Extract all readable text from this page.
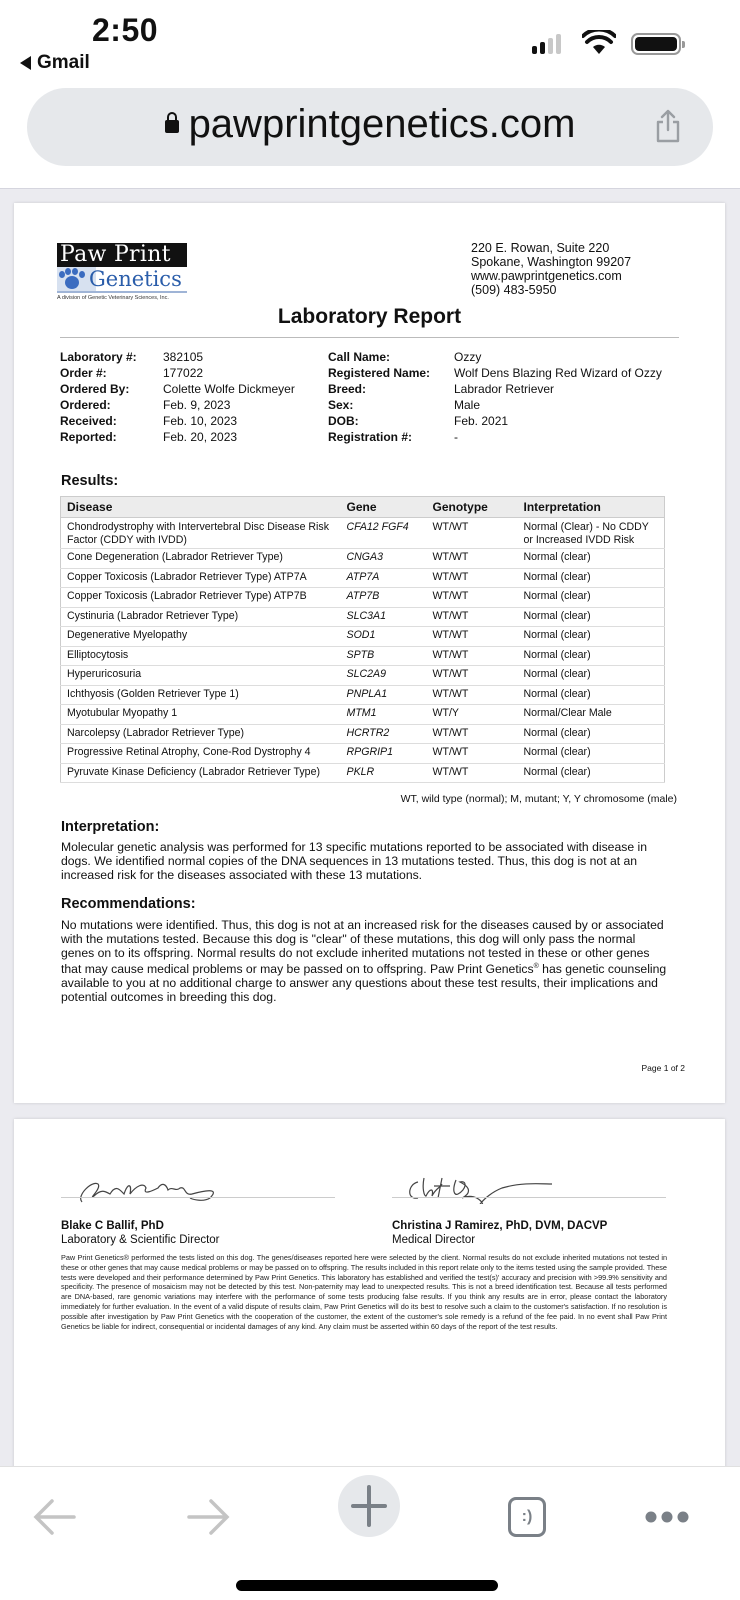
2:50
Gmail
pawprintgenetics.com
Paw Print
Genetics
A division of Genetic Veterinary Sciences, Inc.
220 E. Rowan, Suite 220
Spokane, Washington 99207
www.pawprintgenetics.com
(509) 483-5950
Laboratory Report
Laboratory #:	382105
Order #:	177022
Ordered By:	Colette Wolfe Dickmeyer
Ordered:	Feb. 9, 2023
Received:	Feb. 10, 2023
Reported:	Feb. 20, 2023
Call Name:	Ozzy
Registered Name:	Wolf Dens Blazing Red Wizard of Ozzy
Breed:	Labrador Retriever
Sex:	Male
DOB:	Feb. 2021
Registration #:	-
Results:
Disease	Gene	Genotype	Interpretation
Chondrodystrophy with Intervertebral Disc Disease Risk Factor (CDDY with IVDD)	CFA12 FGF4	WT/WT	Normal (Clear) - No CDDY or Increased IVDD Risk
Cone Degeneration (Labrador Retriever Type)	CNGA3	WT/WT	Normal (clear)
Copper Toxicosis (Labrador Retriever Type) ATP7A	ATP7A	WT/WT	Normal (clear)
Copper Toxicosis (Labrador Retriever Type) ATP7B	ATP7B	WT/WT	Normal (clear)
Cystinuria (Labrador Retriever Type)	SLC3A1	WT/WT	Normal (clear)
Degenerative Myelopathy	SOD1	WT/WT	Normal (clear)
Elliptocytosis	SPTB	WT/WT	Normal (clear)
Hyperuricosuria	SLC2A9	WT/WT	Normal (clear)
Ichthyosis (Golden Retriever Type 1)	PNPLA1	WT/WT	Normal (clear)
Myotubular Myopathy 1	MTM1	WT/Y	Normal/Clear Male
Narcolepsy (Labrador Retriever Type)	HCRTR2	WT/WT	Normal (clear)
Progressive Retinal Atrophy, Cone-Rod Dystrophy 4	RPGRIP1	WT/WT	Normal (clear)
Pyruvate Kinase Deficiency (Labrador Retriever Type)	PKLR	WT/WT	Normal (clear)
WT, wild type (normal); M, mutant; Y, Y chromosome (male)
Interpretation:
Molecular genetic analysis was performed for 13 specific mutations reported to be associated with disease in dogs. We identified normal copies of the DNA sequences in 13 mutations tested. Thus, this dog is not at an increased risk for the diseases associated with these 13 mutations.
Recommendations:
No mutations were identified. Thus, this dog is not at an increased risk for the diseases caused by or associated with the mutations tested. Because this dog is "clear" of these mutations, this dog will only pass the normal genes on to its offspring. Normal results do not exclude inherited mutations not tested in these or other genes that may cause medical problems or may be passed on to offspring. Paw Print Genetics® has genetic counseling available to you at no additional charge to answer any questions about these test results, their implications and potential outcomes in breeding this dog.
Page 1 of 2
Blake C Ballif, PhD
Laboratory & Scientific Director
Christina J Ramirez, PhD, DVM, DACVP
Medical Director
Paw Print Genetics® performed the tests listed on this dog. The genes/diseases reported here were selected by the client. Normal results do not exclude inherited mutations not tested in these or other genes that may cause medical problems or may be passed on to offspring. The results included in this report relate only to the items tested using the sample provided. These tests were developed and their performance determined by Paw Print Genetics. This laboratory has established and verified the test(s)' accuracy and precision with >99.9% sensitivity and specificity. The presence of mosaicism may not be detected by this test. Non-paternity may lead to unexpected results. This is not a breed identification test. Because all tests performed are DNA-based, rare genomic variations may interfere with the performance of some tests producing false results. If you think any results are in error, please contact the laboratory immediately for further evaluation. In the event of a valid dispute of results claim, Paw Print Genetics will do its best to resolve such a claim to the customer's satisfaction. If no resolution is possible after investigation by Paw Print Genetics with the cooperation of the customer, the extent of the customer's sole remedy is a refund of the fee paid. In no event shall Paw Print Genetics be liable for indirect, consequential or incidental damages of any kind. Any claim must be asserted within 60 days of the report of the test results.
:)
